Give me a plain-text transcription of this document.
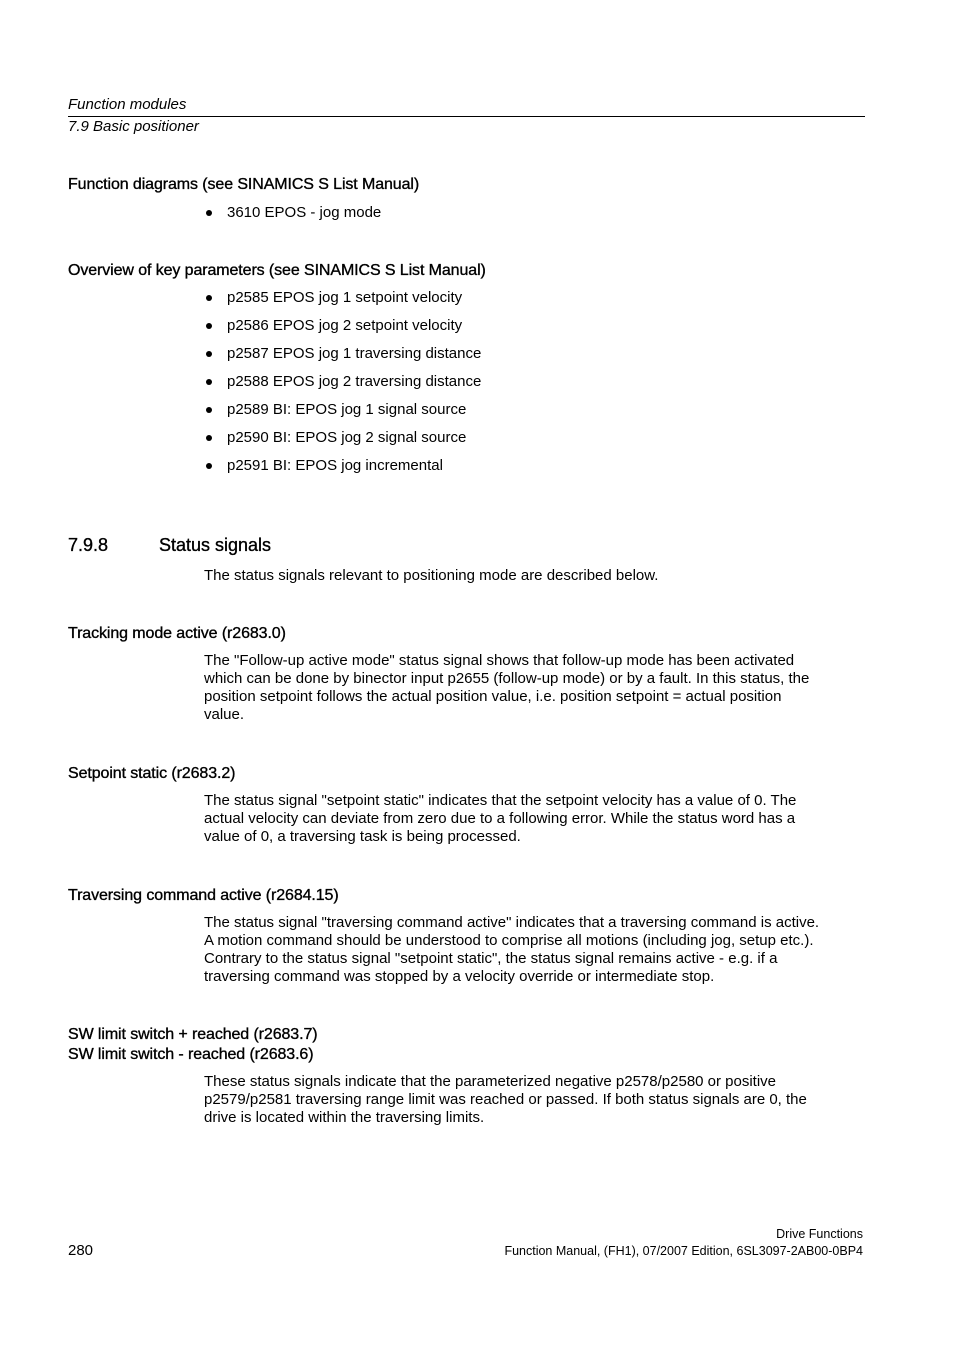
Function modules
7.9 Basic positioner
Function diagrams (see SINAMICS S List Manual)
3610 EPOS - jog mode
Overview of key parameters (see SINAMICS S List Manual)
p2585 EPOS jog 1 setpoint velocity
p2586 EPOS jog 2 setpoint velocity
p2587 EPOS jog 1 traversing distance
p2588 EPOS jog 2 traversing distance
p2589 BI: EPOS jog 1 signal source
p2590 BI: EPOS jog 2 signal source
p2591 BI: EPOS jog incremental
7.9.8	Status signals

The status signals relevant to positioning mode are described below.

Tracking mode active (r2683.0)
The "Follow-up active mode" status signal shows that follow-up mode has been activated
which can be done by binector input p2655 (follow-up mode) or by a fault. In this status, the
position setpoint follows the actual position value, i.e. position setpoint = actual position
value.
Setpoint static (r2683.2)
The status signal "setpoint static" indicates that the setpoint velocity has a value of 0. The
actual velocity can deviate from zero due to a following error. While the status word has a
value of 0, a traversing task is being processed.
Traversing command active (r2684.15)
The status signal "traversing command active" indicates that a traversing command is active.
A motion command should be understood to comprise all motions (including jog, setup etc.).
Contrary to the status signal "setpoint static", the status signal remains active - e.g. if a
traversing command was stopped by a velocity override or intermediate stop.
SW limit switch + reached (r2683.7)
SW limit switch - reached (r2683.6)
These status signals indicate that the parameterized negative p2578/p2580 or positive
p2579/p2581 traversing range limit was reached or passed. If both status signals are 0, the
drive is located within the traversing limits.
Drive Functions
280	Function Manual, (FH1), 07/2007 Edition, 6SL3097-2AB00-0BP4
